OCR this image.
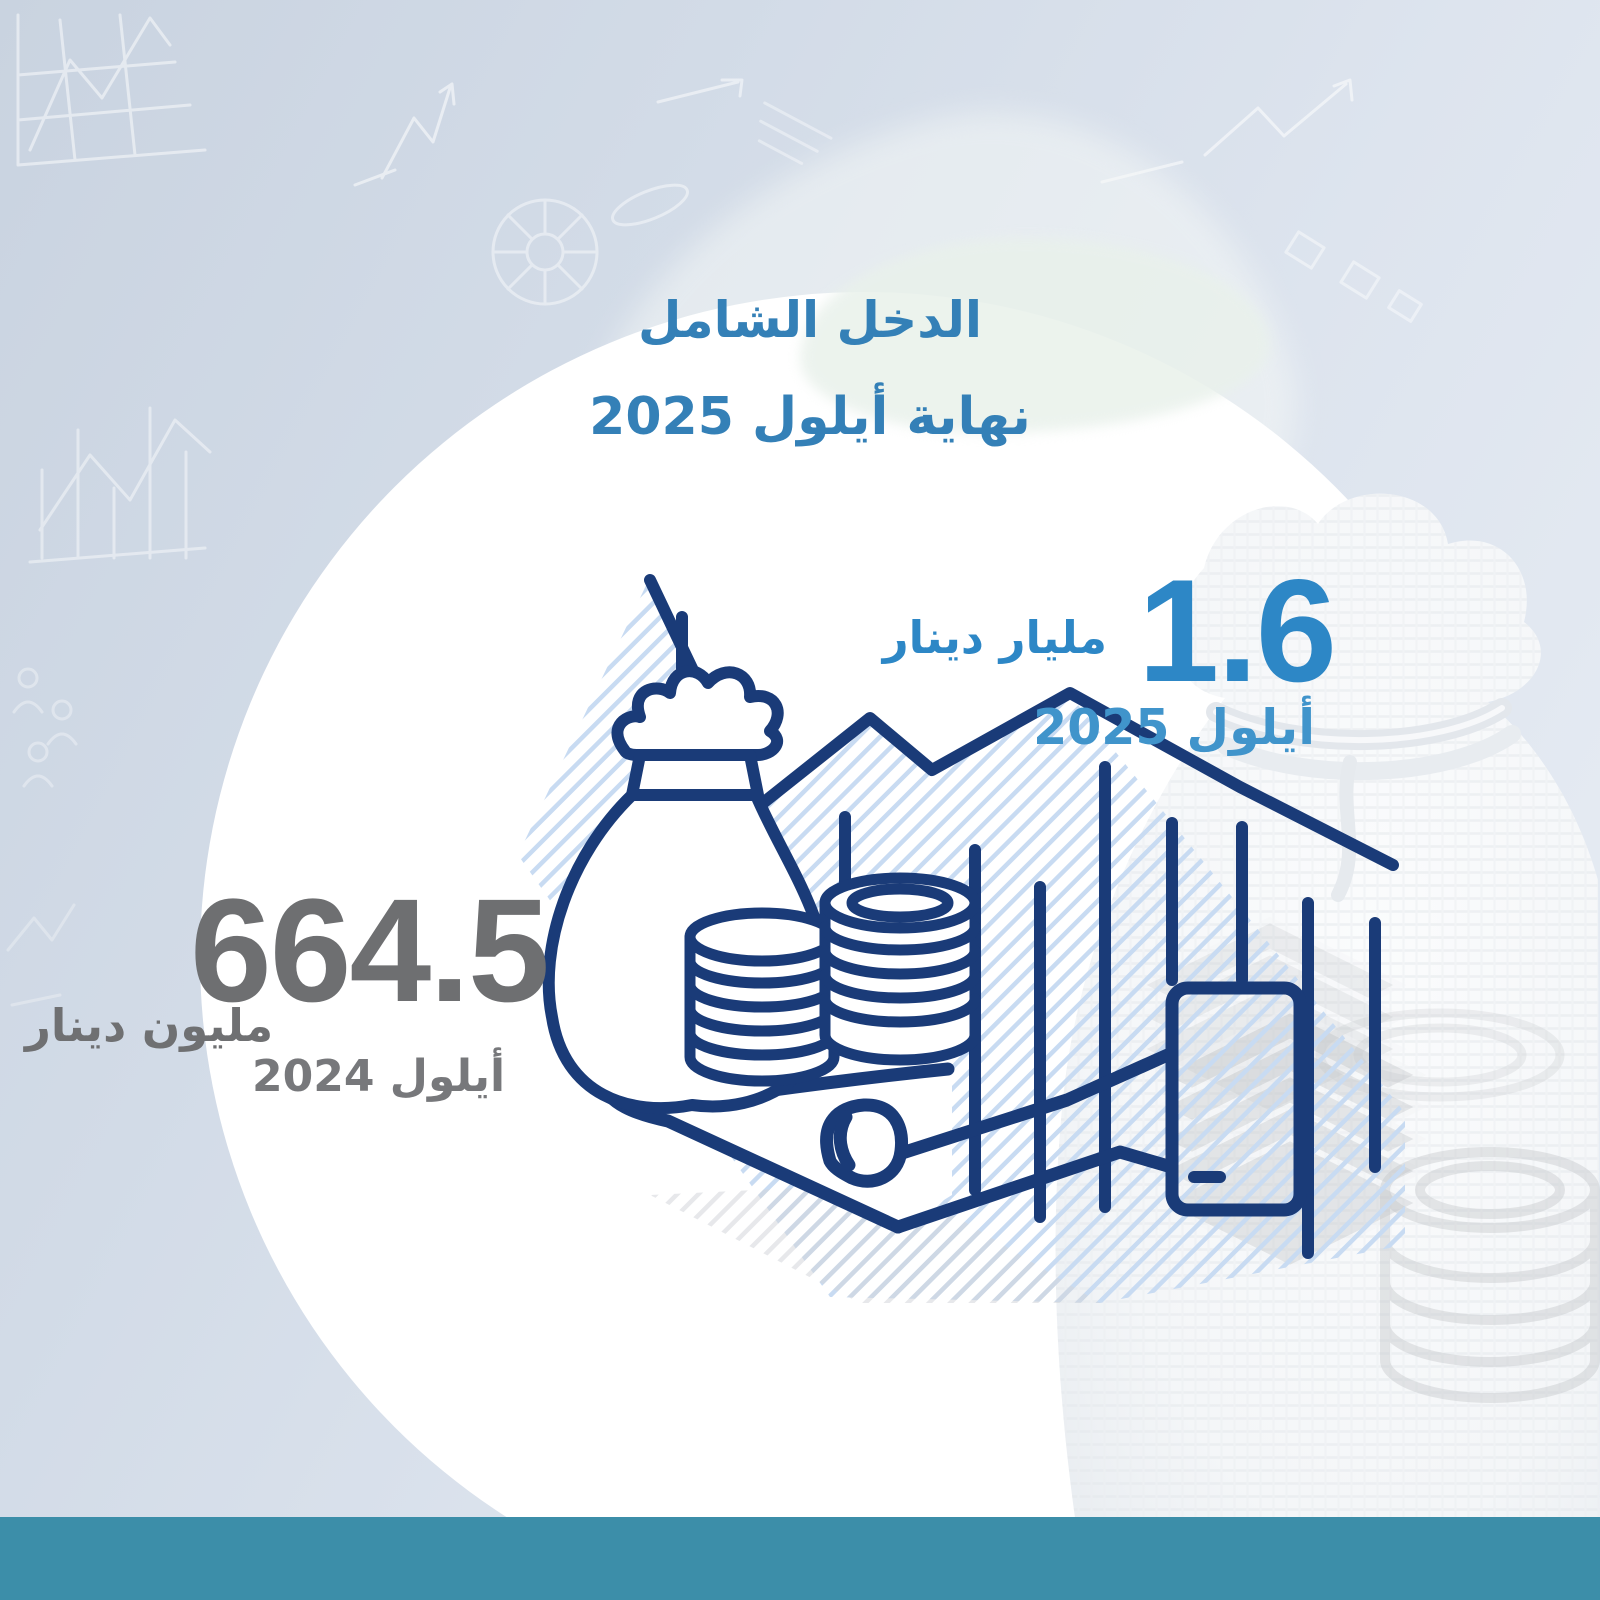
الدخل الشامل
نهاية أيلول 2025
1.6
مليار دينار
أيلول 2025
664.5
مليون دينار
أيلول 2024
